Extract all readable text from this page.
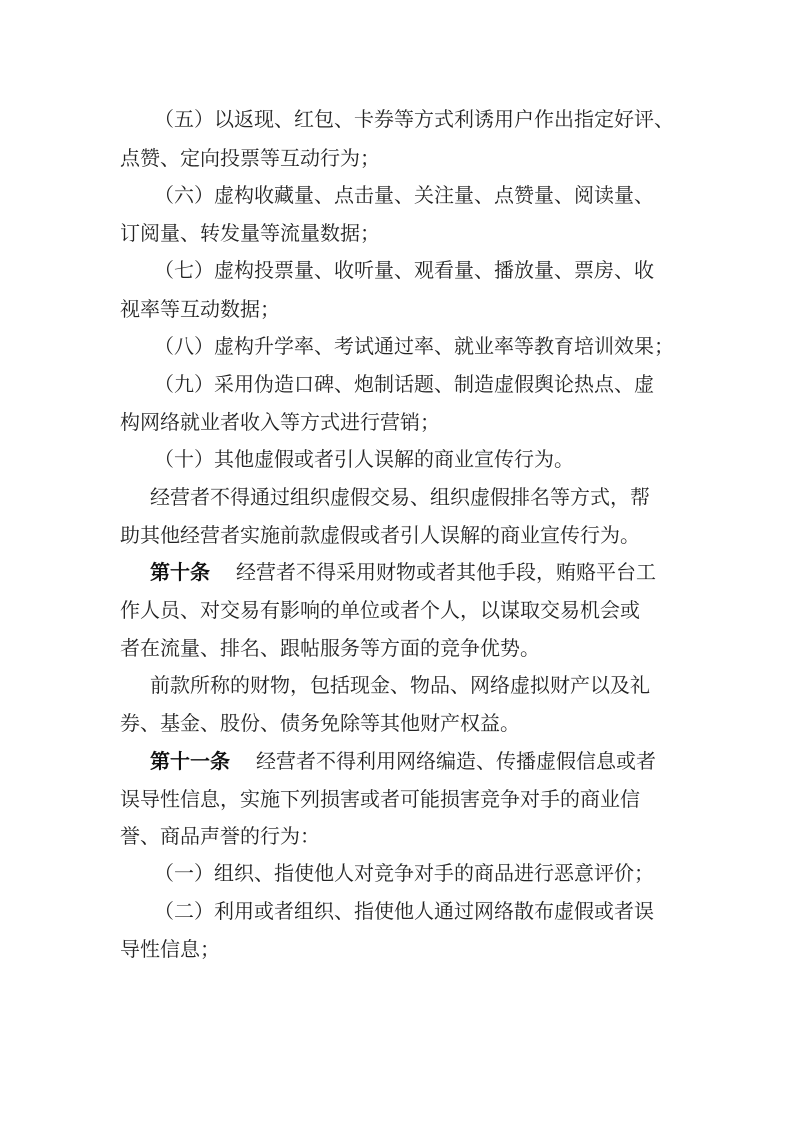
（五）以返现、红包、卡券等方式利诱用户作出指定好评、
点赞、定向投票等互动行为；
（六）虚构收藏量、点击量、关注量、点赞量、阅读量、
订阅量、转发量等流量数据；
（七）虚构投票量、收听量、观看量、播放量、票房、收
视率等互动数据；
（八）虚构升学率、考试通过率、就业率等教育培训效果；
（九）采用伪造口碑、炮制话题、制造虚假舆论热点、虚
构网络就业者收入等方式进行营销；
（十）其他虚假或者引人误解的商业宣传行为。
经营者不得通过组织虚假交易、组织虚假排名等方式，帮
助其他经营者实施前款虚假或者引人误解的商业宣传行为。
第十条 经营者不得采用财物或者其他手段，贿赂平台工
作人员、对交易有影响的单位或者个人，以谋取交易机会或
者在流量、排名、跟帖服务等方面的竞争优势。
前款所称的财物，包括现金、物品、网络虚拟财产以及礼
券、基金、股份、债务免除等其他财产权益。
第十一条 经营者不得利用网络编造、传播虚假信息或者
误导性信息，实施下列损害或者可能损害竞争对手的商业信
誉、商品声誉的行为：
（一）组织、指使他人对竞争对手的商品进行恶意评价；
（二）利用或者组织、指使他人通过网络散布虚假或者误
导性信息；
